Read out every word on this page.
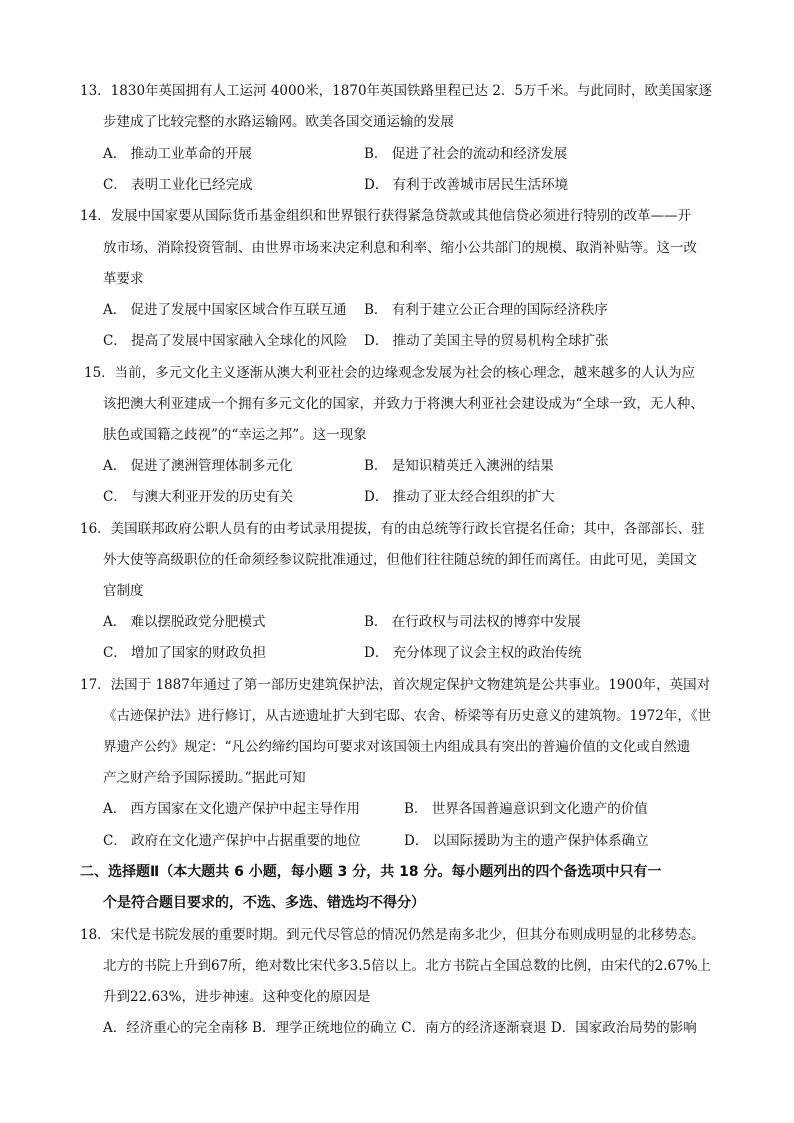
13．1830年英国拥有人工运河 4000米，1870年英国铁路里程已达 2．5万千米。与此同时，欧美国家逐
步建成了比较完整的水路运输网。欧美各国交通运输的发展
A． 推动工业革命的开展	B． 促进了社会的流动和经济发展
C． 表明工业化已经完成	D． 有利于改善城市居民生活环境
14．发展中国家要从国际货币基金组织和世界银行获得紧急贷款或其他信贷必须进行特别的改革——开
放市场、消除投资管制、由世界市场来决定利息和利率、缩小公共部门的规模、取消补贴等。这一改
革要求
A． 促进了发展中国家区域合作互联互通 B． 有利于建立公正合理的国际经济秩序
C． 提高了发展中国家融入全球化的风险 D． 推动了美国主导的贸易机构全球扩张
15．当前，多元文化主义逐渐从澳大利亚社会的边缘观念发展为社会的核心理念，越来越多的人认为应
该把澳大利亚建成一个拥有多元文化的国家，并致力于将澳大利亚社会建设成为“全球一致，无人种、
肤色或国籍之歧视”的“幸运之邦”。这一现象
A． 促进了澳洲管理体制多元化	B． 是知识精英迁入澳洲的结果
C． 与澳大利亚开发的历史有关	D． 推动了亚太经合组织的扩大
16．美国联邦政府公职人员有的由考试录用提拔，有的由总统等行政长官提名任命；其中，各部部长、驻
外大使等高级职位的任命须经参议院批准通过，但他们往往随总统的卸任而离任。由此可见，美国文
官制度
A． 难以摆脱政党分肥模式	B． 在行政权与司法权的博弈中发展
C． 增加了国家的财政负担	D． 充分体现了议会主权的政治传统
17．法国于 1887年通过了第一部历史建筑保护法，首次规定保护文物建筑是公共事业。1900年，英国对
《古迹保护法》进行修订，从古迹遗址扩大到宅邸、农舍、桥梁等有历史意义的建筑物。1972年，《世
界遗产公约》规定：“凡公约缔约国均可要求对该国领土内组成具有突出的普遍价值的文化或自然遗
产之财产给予国际援助。”据此可知
A． 西方国家在文化遗产保护中起主导作用	B． 世界各国普遍意识到文化遗产的价值
C． 政府在文化遗产保护中占据重要的地位	D． 以国际援助为主的遗产保护体系确立
二、选择题Ⅱ（本大题共 6 小题，每小题 3 分，共 18 分。每小题列出的四个备选项中只有一
个是符合题目要求的，不选、多选、错选均不得分）
18．宋代是书院发展的重要时期。到元代尽管总的情况仍然是南多北少，但其分布则成明显的北移势态。
北方的书院上升到67所，绝对数比宋代多3.5倍以上。北方书院占全国总数的比例，由宋代的2.67%上
升到22.63%，进步神速。这种变化的原因是
A．经济重心的完全南移 B．理学正统地位的确立 C．南方的经济逐渐衰退 D．国家政治局势的影响
